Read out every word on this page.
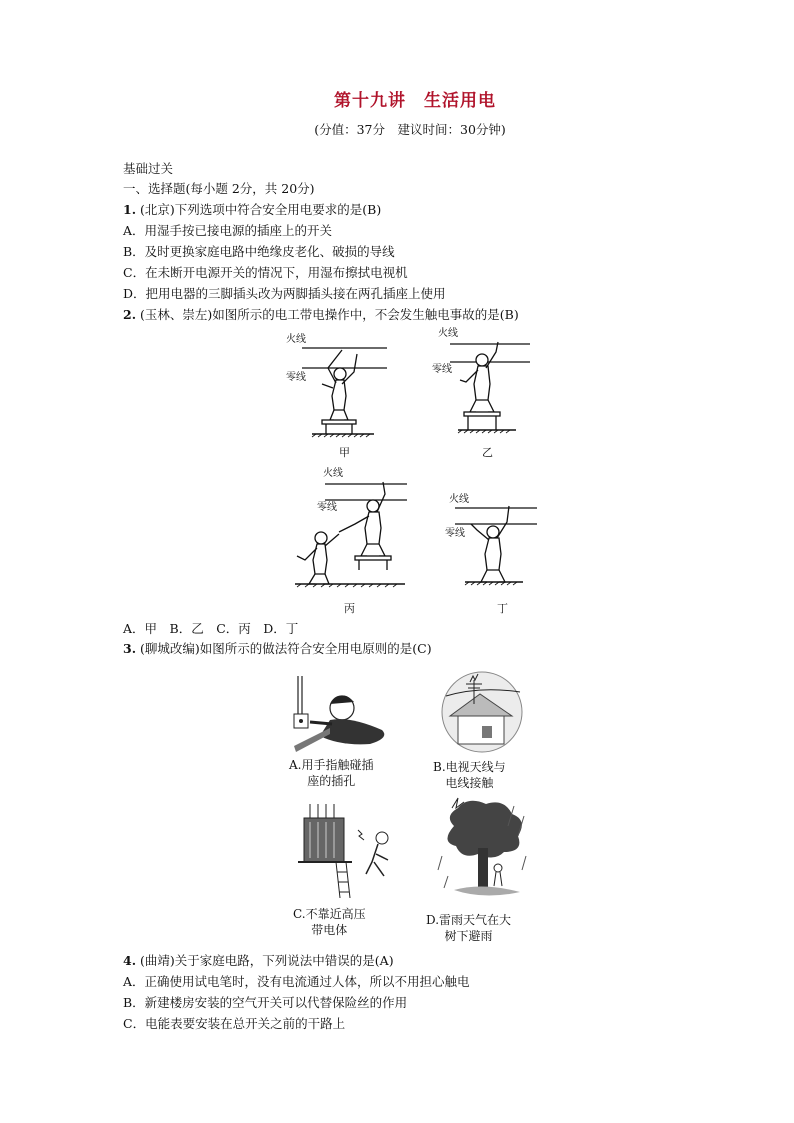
第十九讲　生活用电
(分值：37分　建议时间：30分钟)
基础过关
一、选择题(每小题 2分，共 20分)
1. (北京)下列选项中符合安全用电要求的是(B)
A．用湿手按已接电源的插座上的开关
B．及时更换家庭电路中绝缘皮老化、破损的导线
C．在未断开电源开关的情况下，用湿布擦拭电视机
D．把用电器的三脚插头改为两脚插头接在两孔插座上使用
2. (玉林、崇左)如图所示的电工带电操作中，不会发生触电事故的是(B)
火线
零线
甲
火线
零线
乙
火线
零线
丙
火线
零线
丁
A．甲　B．乙　C．丙　D．丁
3. (聊城改编)如图所示的做法符合安全用电原则的是(C)
A.用手指触碰插
座的插孔
B.电视天线与
电线接触
C.不靠近高压
带电体
D.雷雨天气在大
树下避雨
4. (曲靖)关于家庭电路，下列说法中错误的是(A)
A．正确使用试电笔时，没有电流通过人体，所以不用担心触电
B．新建楼房安装的空气开关可以代替保险丝的作用
C．电能表要安装在总开关之前的干路上
